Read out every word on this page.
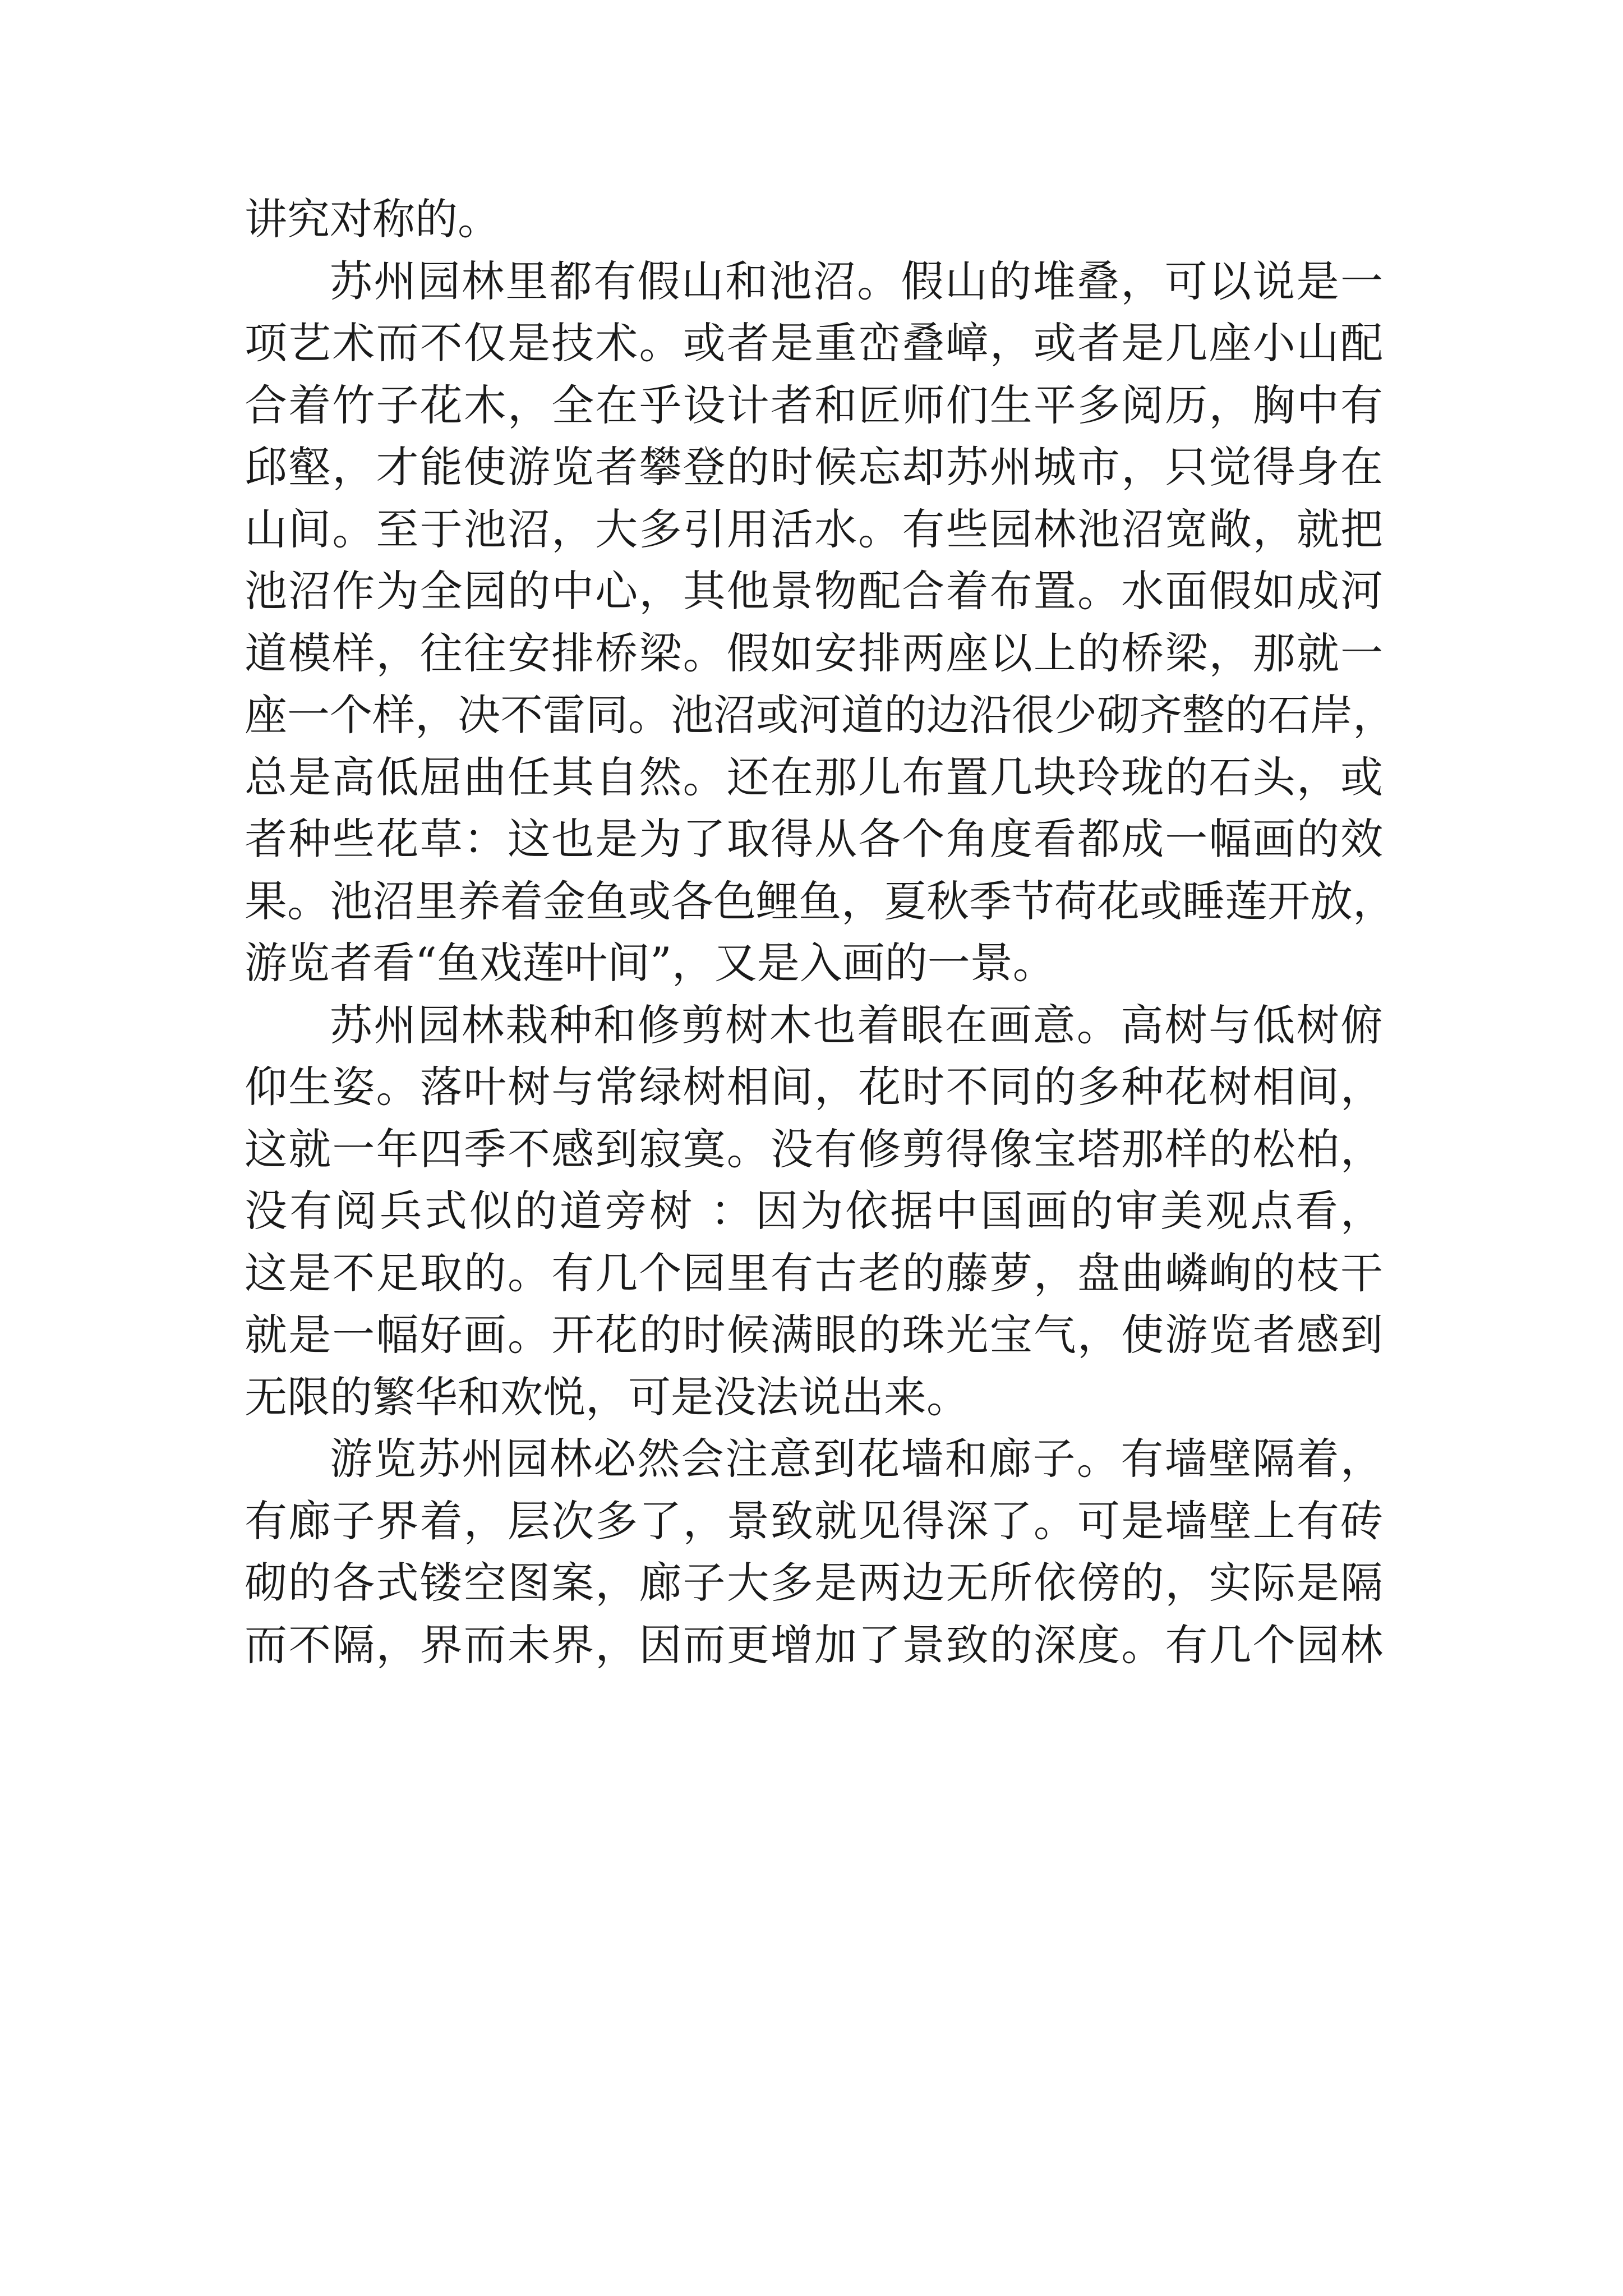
讲究对称的。
苏州园林里都有假山和池沼。假山的堆叠，可以说是一
项艺术而不仅是技术。或者是重峦叠嶂，或者是几座小山配
合着竹子花木，全在乎设计者和匠师们生平多阅历，胸中有
邱壑，才能使游览者攀登的时候忘却苏州城市，只觉得身在
山间。至于池沼，大多引用活水。有些园林池沼宽敞，就把
池沼作为全园的中心，其他景物配合着布置。水面假如成河
道模样，往往安排桥梁。假如安排两座以上的桥梁，那就一
座一个样，决不雷同。池沼或河道的边沿很少砌齐整的石岸，
总是高低屈曲任其自然。还在那儿布置几块玲珑的石头，或
者种些花草：这也是为了取得从各个角度看都成一幅画的效
果。池沼里养着金鱼或各色鲤鱼，夏秋季节荷花或睡莲开放，
游览者看“鱼戏莲叶间”，又是入画的一景。
苏州园林栽种和修剪树木也着眼在画意。高树与低树俯
仰生姿。落叶树与常绿树相间，花时不同的多种花树相间，
这就一年四季不感到寂寞。没有修剪得像宝塔那样的松柏，
没有阅兵式似的道旁树 ：因为依据中国画的审美观点看，
这是不足取的。有几个园里有古老的藤萝，盘曲嶙峋的枝干
就是一幅好画。开花的时候满眼的珠光宝气，使游览者感到
无限的繁华和欢悦，可是没法说出来。
游览苏州园林必然会注意到花墙和廊子。有墙壁隔着，
有廊子界着，层次多了，景致就见得深了。可是墙壁上有砖
砌的各式镂空图案，廊子大多是两边无所依傍的，实际是隔
而不隔，界而未界，因而更增加了景致的深度。有几个园林
